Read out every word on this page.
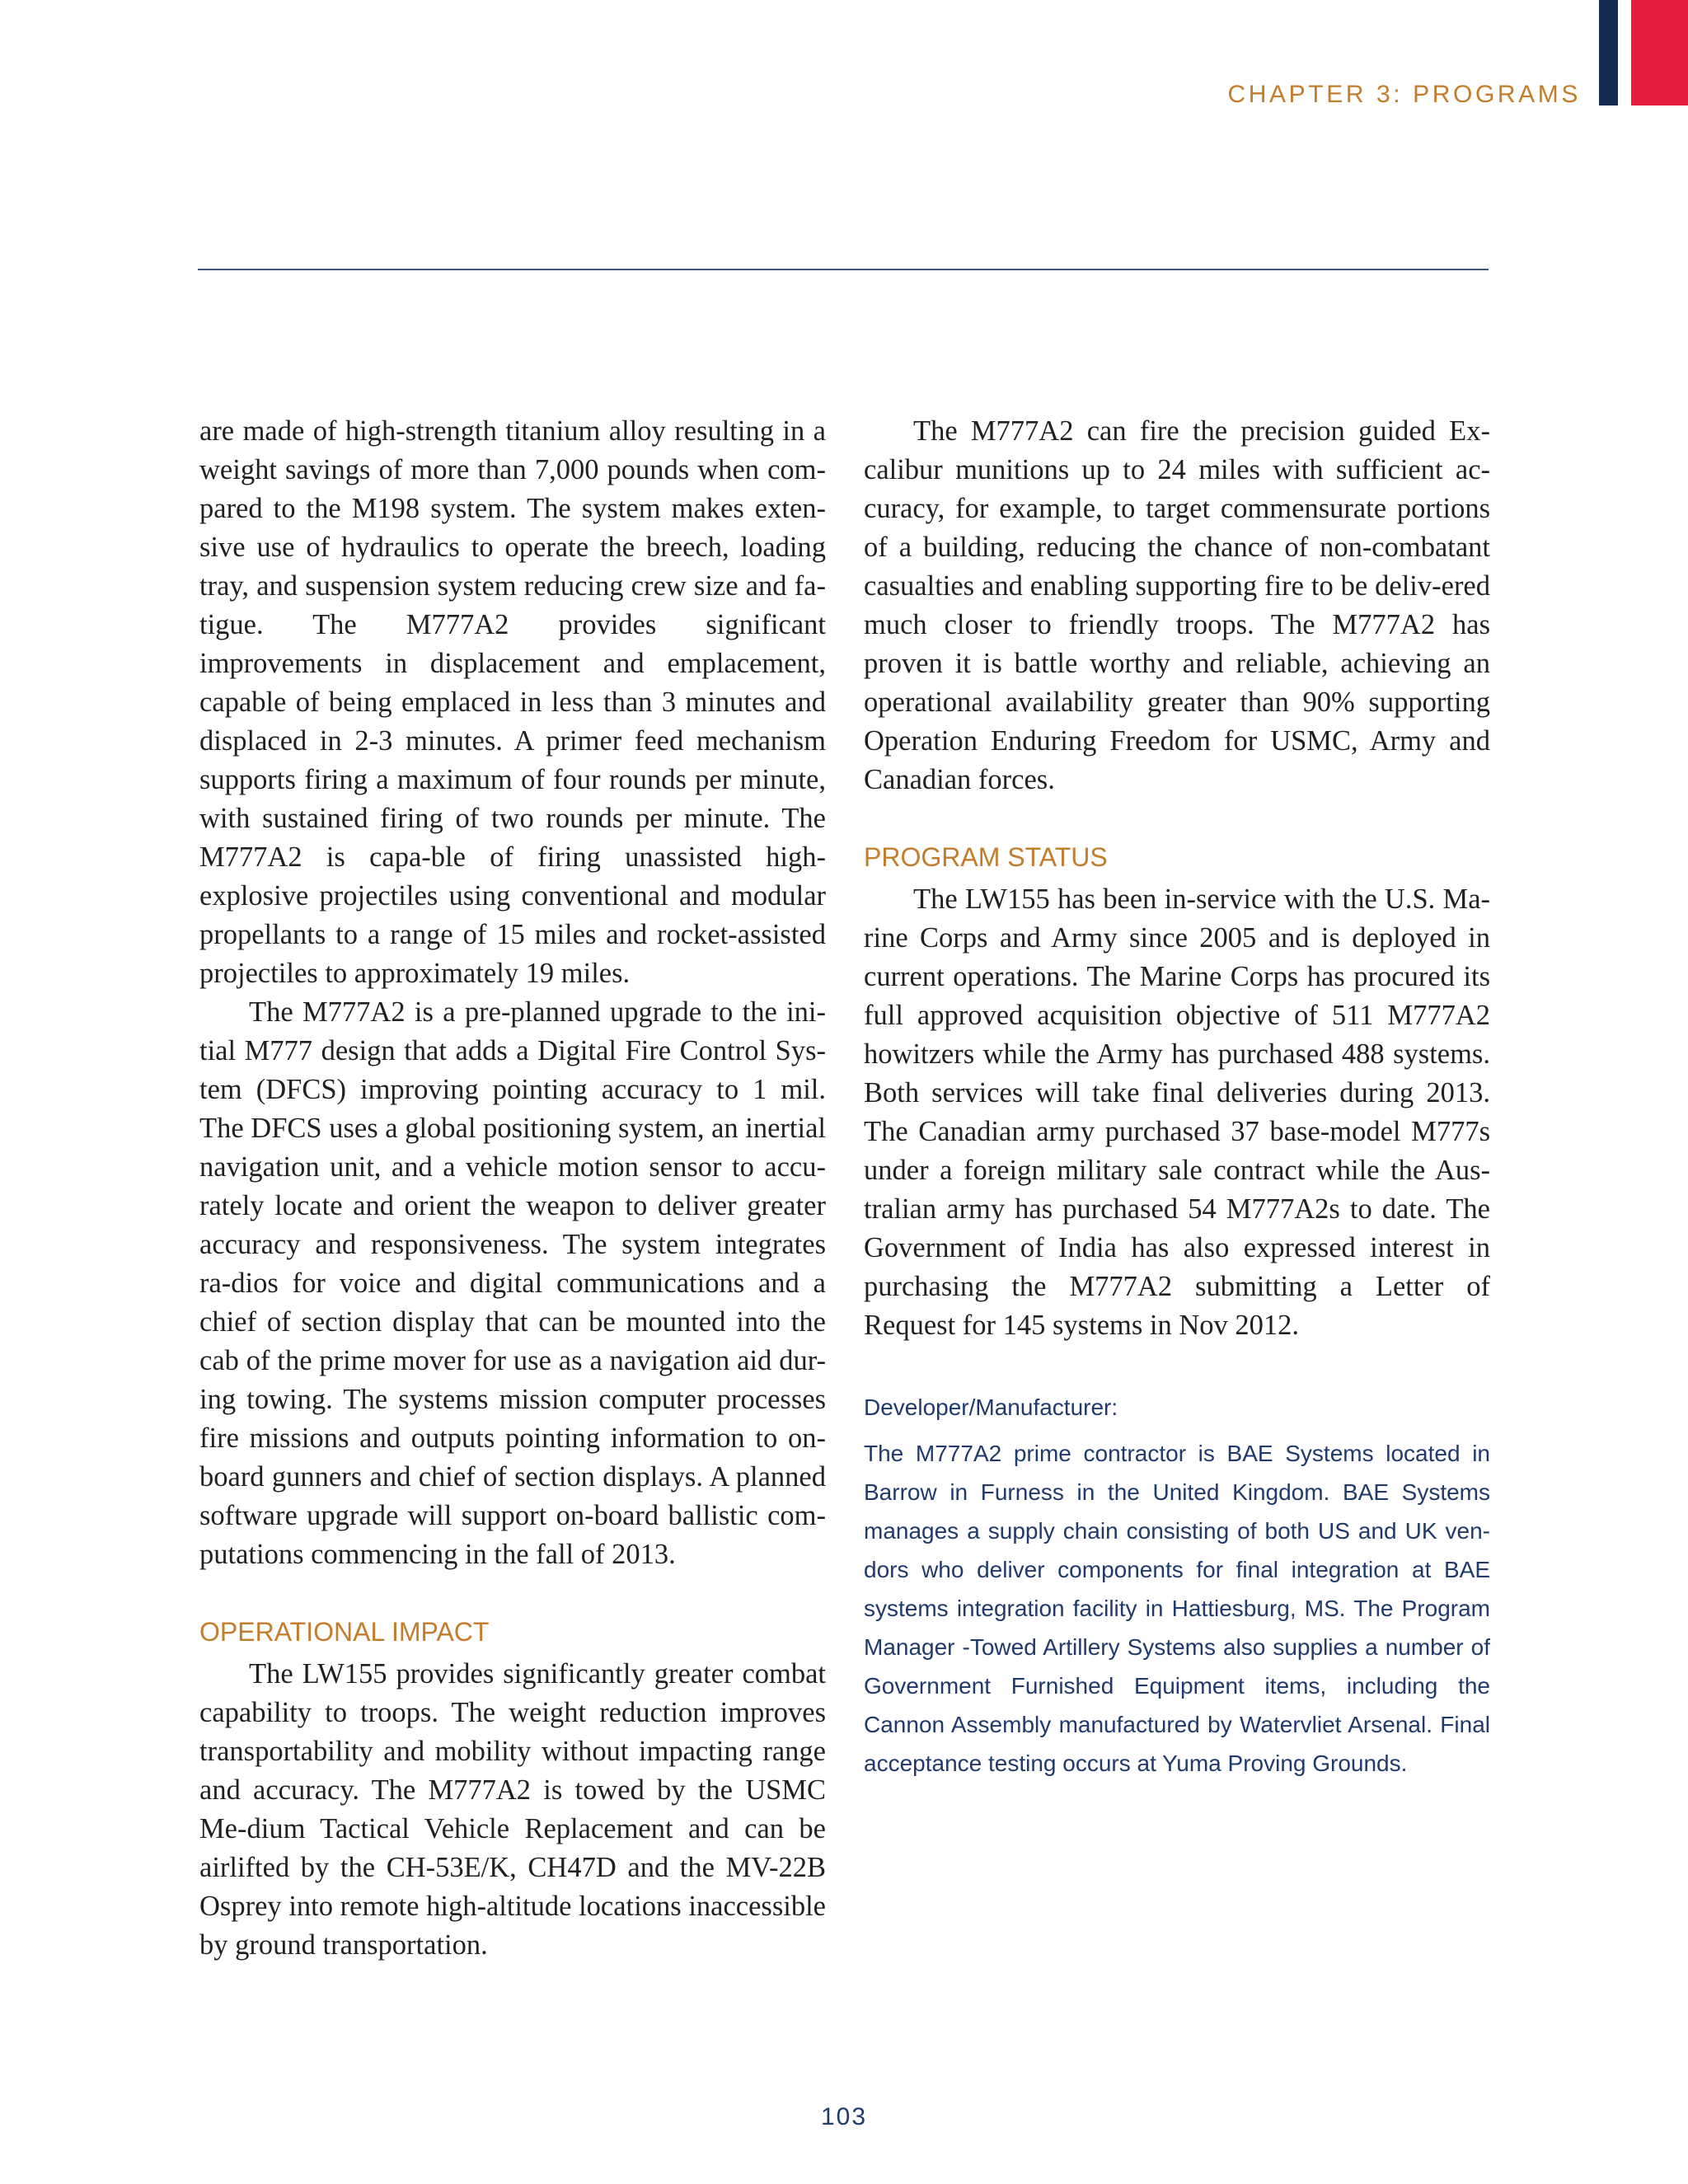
CHAPTER 3: PROGRAMS

are made of high-strength titanium alloy resulting in a weight savings of more than 7,000 pounds when com-pared to the M198 system. The system makes exten-sive use of hydraulics to operate the breech, loading tray, and suspension system reducing crew size and fa-tigue. The M777A2 provides significant improvements in displacement and emplacement, capable of being emplaced in less than 3 minutes and displaced in 2-3 minutes. A primer feed mechanism supports firing a maximum of four rounds per minute, with sustained firing of two rounds per minute. The M777A2 is capa-ble of firing unassisted high-explosive projectiles using conventional and modular propellants to a range of 15 miles and rocket-assisted projectiles to approximately 19 miles.

The M777A2 is a pre-planned upgrade to the ini-tial M777 design that adds a Digital Fire Control Sys-tem (DFCS) improving pointing accuracy to 1 mil. The DFCS uses a global positioning system, an inertial navigation unit, and a vehicle motion sensor to accu-rately locate and orient the weapon to deliver greater accuracy and responsiveness. The system integrates ra-dios for voice and digital communications and a chief of section display that can be mounted into the cab of the prime mover for use as a navigation aid dur-ing towing. The systems mission computer processes fire missions and outputs pointing information to on-board gunners and chief of section displays. A planned software upgrade will support on-board ballistic com-putations commencing in the fall of 2013.

OPERATIONAL IMPACT

The LW155 provides significantly greater combat capability to troops. The weight reduction improves transportability and mobility without impacting range and accuracy. The M777A2 is towed by the USMC Me-dium Tactical Vehicle Replacement and can be airlifted by the CH-53E/K, CH47D and the MV-22B Osprey into remote high-altitude locations inaccessible by ground transportation.

The M777A2 can fire the precision guided Ex-calibur munitions up to 24 miles with sufficient ac-curacy, for example, to target commensurate portions of a building, reducing the chance of non-combatant casualties and enabling supporting fire to be deliv-ered much closer to friendly troops. The M777A2 has proven it is battle worthy and reliable, achieving an operational availability greater than 90% supporting Operation Enduring Freedom for USMC, Army and Canadian forces.

PROGRAM STATUS

The LW155 has been in-service with the U.S. Ma-rine Corps and Army since 2005 and is deployed in current operations. The Marine Corps has procured its full approved acquisition objective of 511 M777A2 howitzers while the Army has purchased 488 systems. Both services will take final deliveries during 2013. The Canadian army purchased 37 base-model M777s under a foreign military sale contract while the Aus-tralian army has purchased 54 M777A2s to date. The Government of India has also expressed interest in purchasing the M777A2 submitting a Letter of Request for 145 systems in Nov 2012.

Developer/Manufacturer:
The M777A2 prime contractor is BAE Systems located in Barrow in Furness in the United Kingdom. BAE Systems manages a supply chain consisting of both US and UK ven-dors who deliver components for final integration at BAE systems integration facility in Hattiesburg, MS. The Program Manager -Towed Artillery Systems also supplies a number of Government Furnished Equipment items, including the Cannon Assembly manufactured by Watervliet Arsenal. Final acceptance testing occurs at Yuma Proving Grounds.
103
